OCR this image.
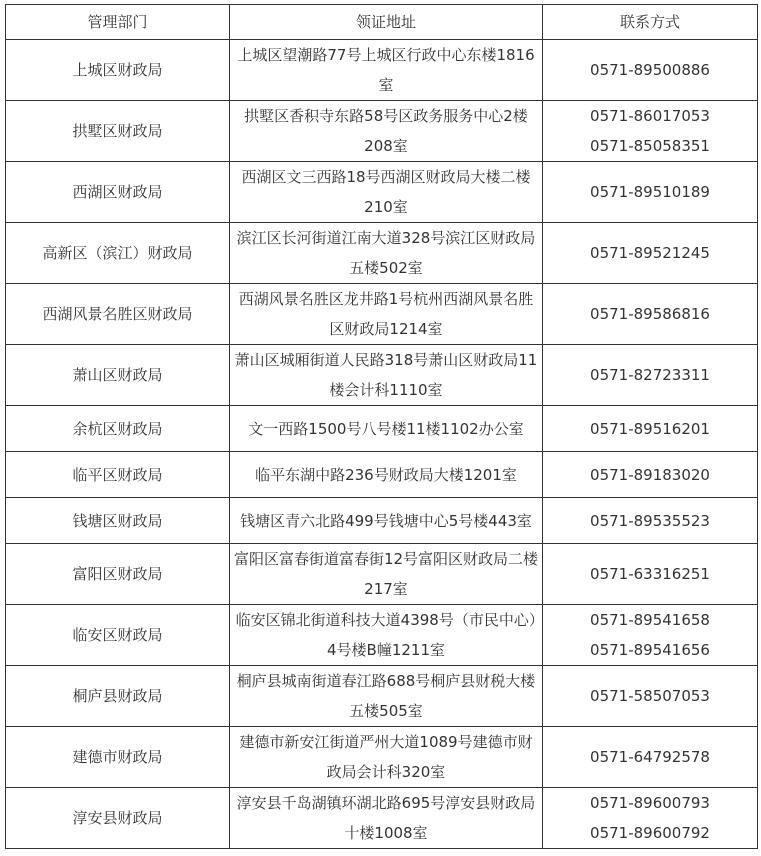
管理部门	领证地址	联系方式
上城区财政局	上城区望潮路77号上城区行政中心东楼1816室	0571-89500886

拱墅区财政局	拱墅区香积寺东路58号区政务服务中心2楼208室	0571-86017053
0571-85058351

西湖区财政局	西湖区文三西路18号西湖区财政局大楼二楼210室	0571-89510189

高新区（滨江）财政局	滨江区长河街道江南大道328号滨江区财政局五楼502室	0571-89521245

西湖风景名胜区财政局	西湖风景名胜区龙井路1号杭州西湖风景名胜区财政局1214室	0571-89586816

萧山区财政局	萧山区城厢街道人民路318号萧山区财政局11楼会计科1110室	0571-82723311

余杭区财政局	文一西路1500号八号楼11楼1102办公室	0571-89516201

临平区财政局	临平东湖中路236号财政局大楼1201室	0571-89183020

钱塘区财政局	钱塘区青六北路499号钱塘中心5号楼443室	0571-89535523

富阳区财政局	富阳区富春街道富春街12号富阳区财政局二楼217室	0571-63316251

临安区财政局	临安区锦北街道科技大道4398号（市民中心）4号楼B幢1211室	0571-89541658
0571-89541656

桐庐县财政局	桐庐县城南街道春江路688号桐庐县财税大楼五楼505室	0571-58507053

建德市财政局	建德市新安江街道严州大道1089号建德市财政局会计科320室	0571-64792578

淳安县财政局	淳安县千岛湖镇环湖北路695号淳安县财政局十楼1008室	0571-89600793
0571-89600792
